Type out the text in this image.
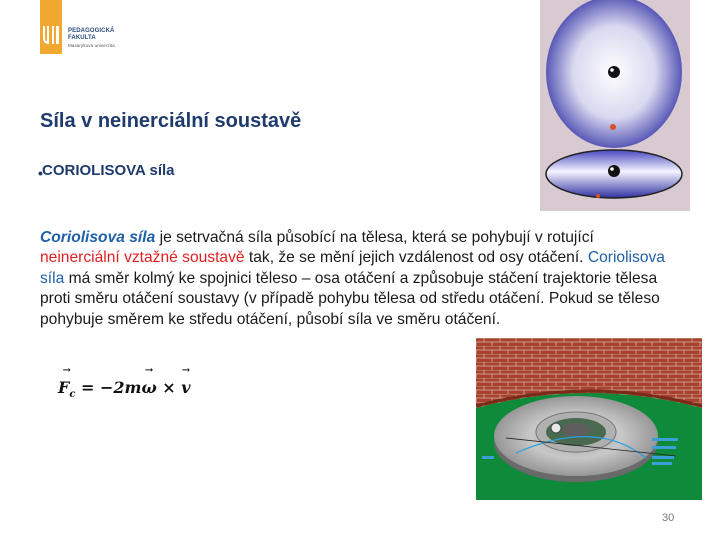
PEDAGOGICKÁ
FAKULTA
Masarykova univerzita
Síla v neinerciální soustavě
• CORIOLISOVA síla
Coriolisova síla je setrvačná síla působící na tělesa, která se pohybují v rotující neinerciální vztažné soustavě tak, že se mění jejich vzdálenost od osy otáčení. Coriolisova síla má směr kolmý ke spojnici těleso – osa otáčení a způsobuje stáčení trajektorie tělesa proti směru otáčení soustavy (v případě pohybu tělesa od středu otáčení. Pokud se těleso pohybuje směrem ke středu otáčení, působí síla ve směru otáčení.
→ $F_c = -2m\to \omega$ × → v
30
